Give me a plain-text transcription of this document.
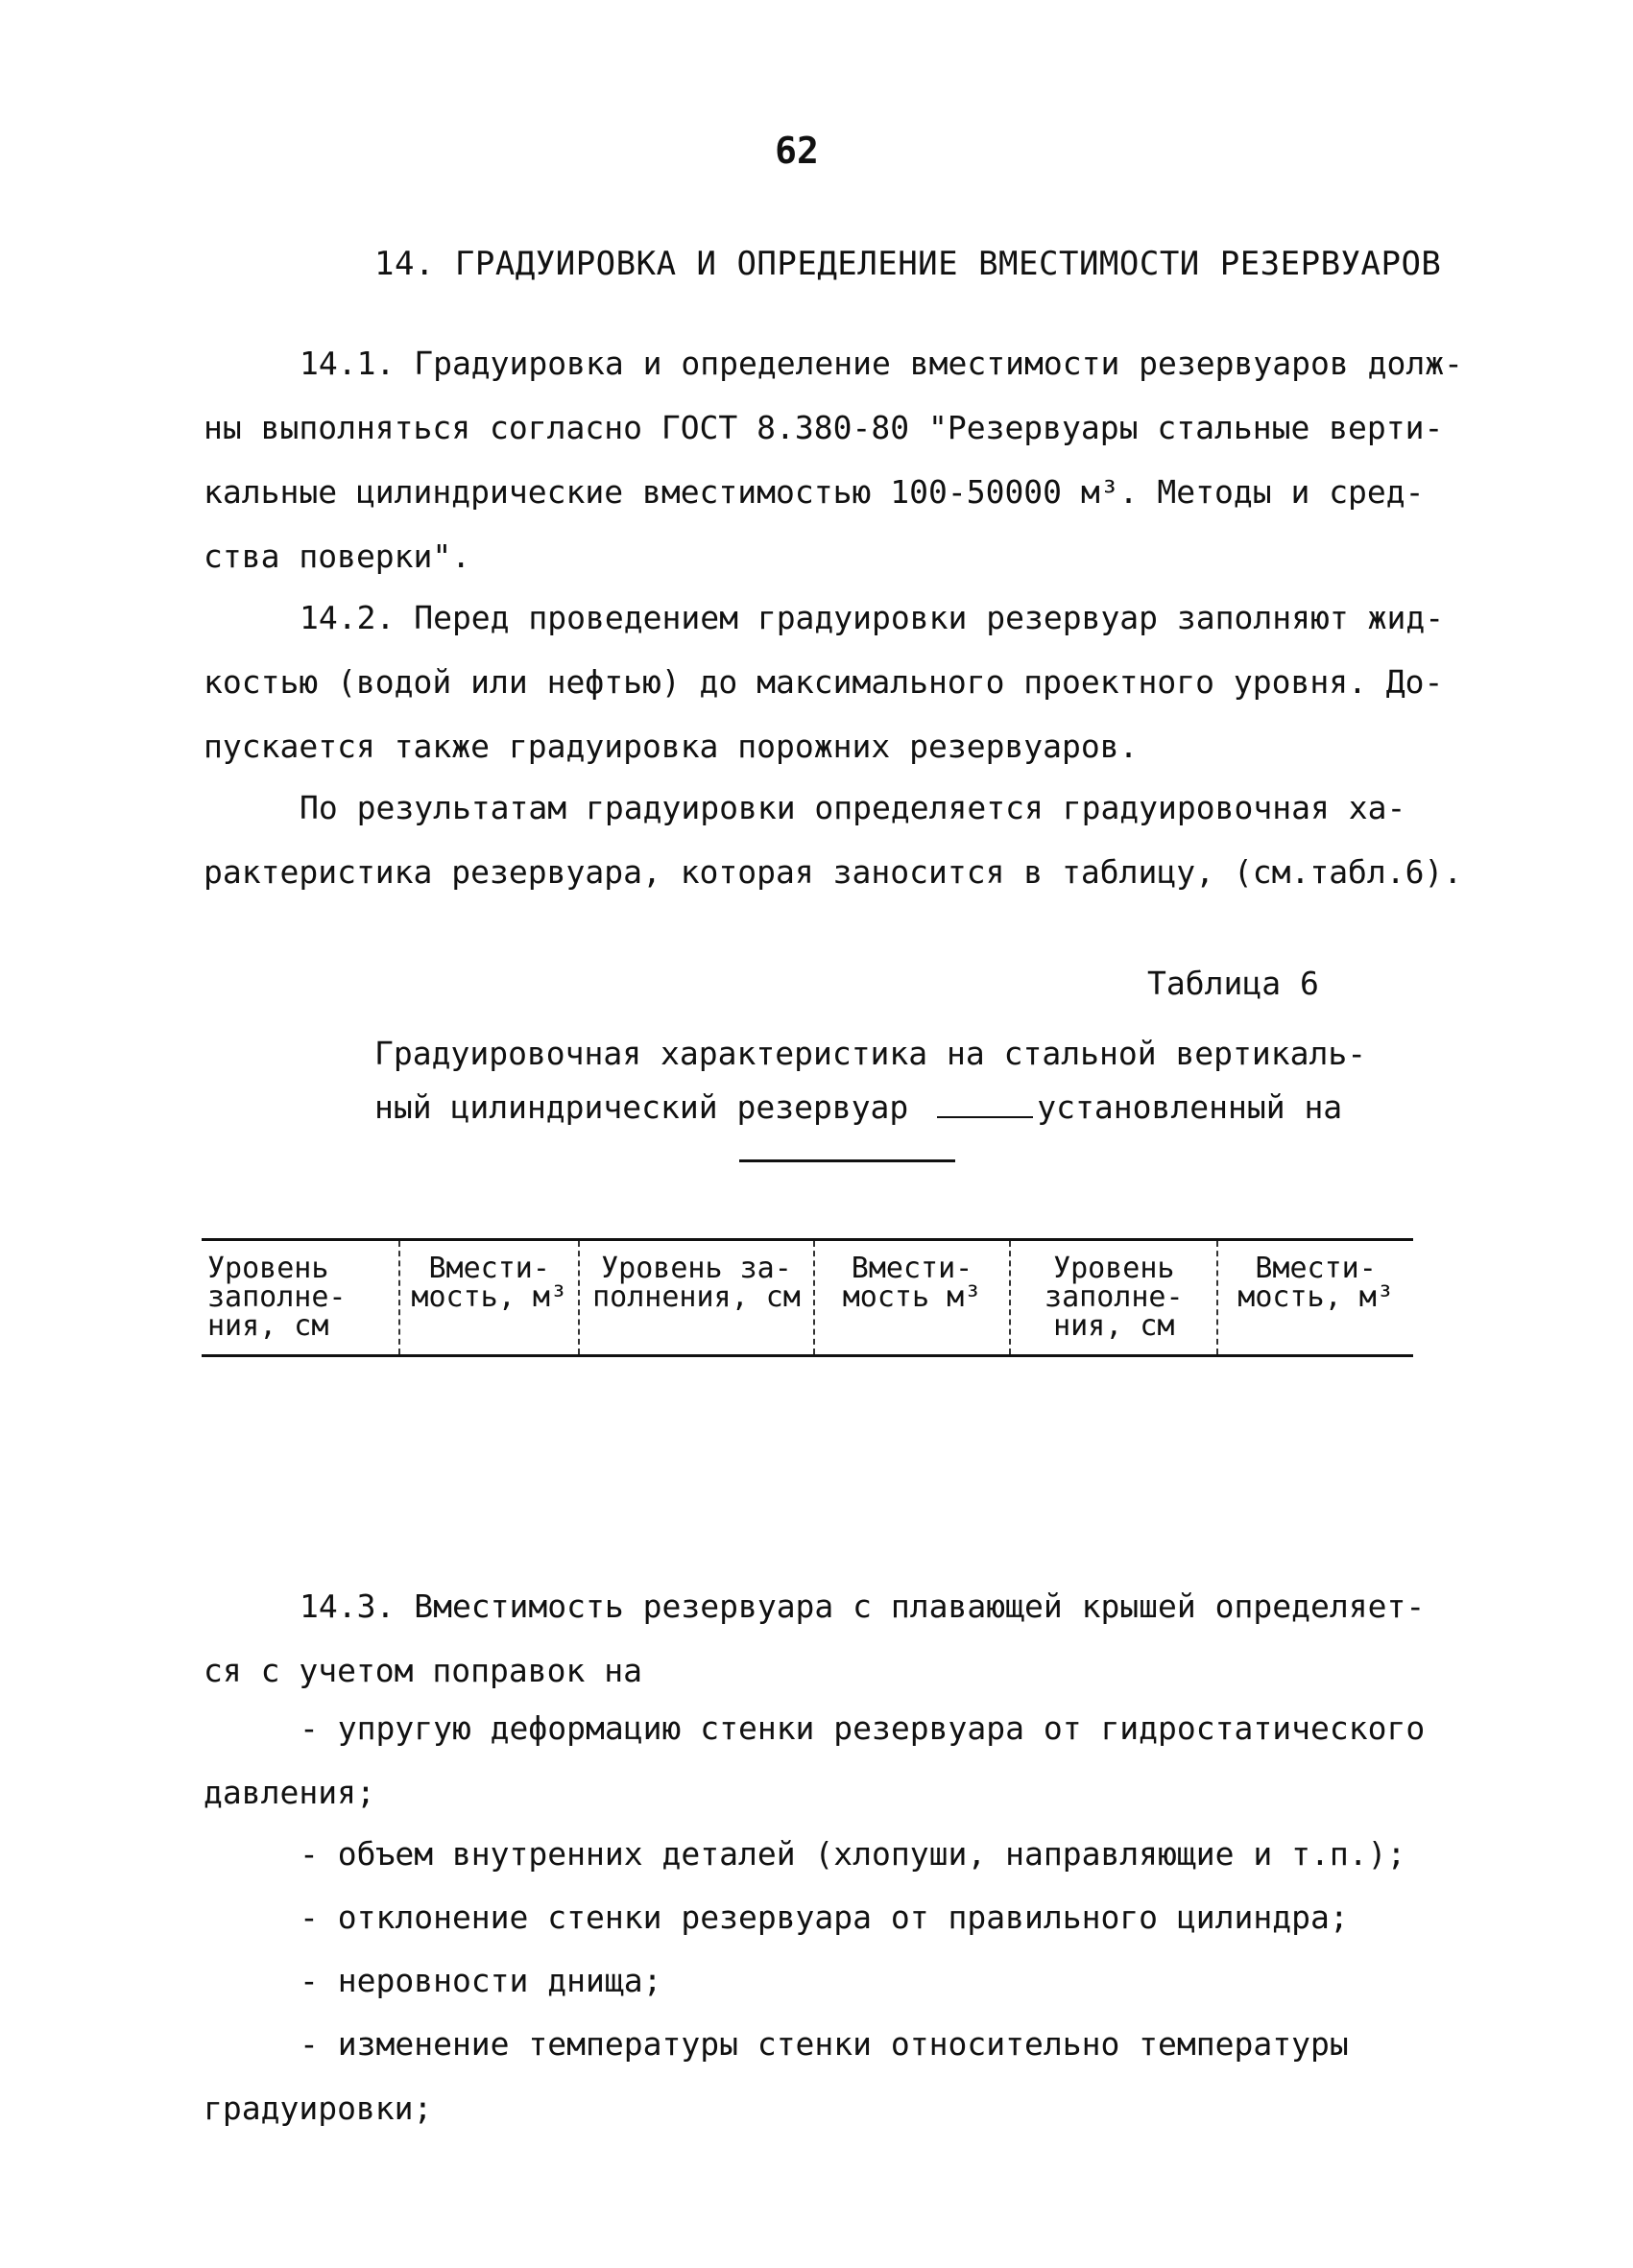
62
14. ГРАДУИРОВКА И ОПРЕДЕЛЕНИЕ ВМЕСТИМОСТИ РЕЗЕРВУАРОВ

14.1. Градуировка и определение вместимости резервуаров долж-
ны выполняться согласно ГОСТ 8.380-80 "Резервуары стальные верти-
кальные цилиндрические вместимостью 100-50000 м³. Методы и сред-
ства поверки".

14.2. Перед проведением градуировки резервуар заполняют жид-
костью (водой или нефтью) до максимального проектного уровня. До-
пускается также градуировка порожних резервуаров.

По результатам градуировки определяется градуировочная ха-
рактеристика резервуара, которая заносится в таблицу, (см.табл.6).

Таблица 6
Градуировочная характеристика на стальной вертикаль-
ный цилиндрический резервуар	установленный на
Уровень заполне-ния, см	Вмести-мость, м³	Уровень за-полнения, см	Вмести-мость м³	Уровень заполне-ния, см	Вмести-мость, м³

14.3. Вместимость резервуара с плавающей крышей определяет-
ся с учетом поправок на

- упругую деформацию стенки резервуара от гидростатического
давления;

- объем внутренних деталей (хлопуши, направляющие и т.п.);

- отклонение стенки резервуара от правильного цилиндра;

- неровности днища;

- изменение температуры стенки относительно температуры
градуировки;
